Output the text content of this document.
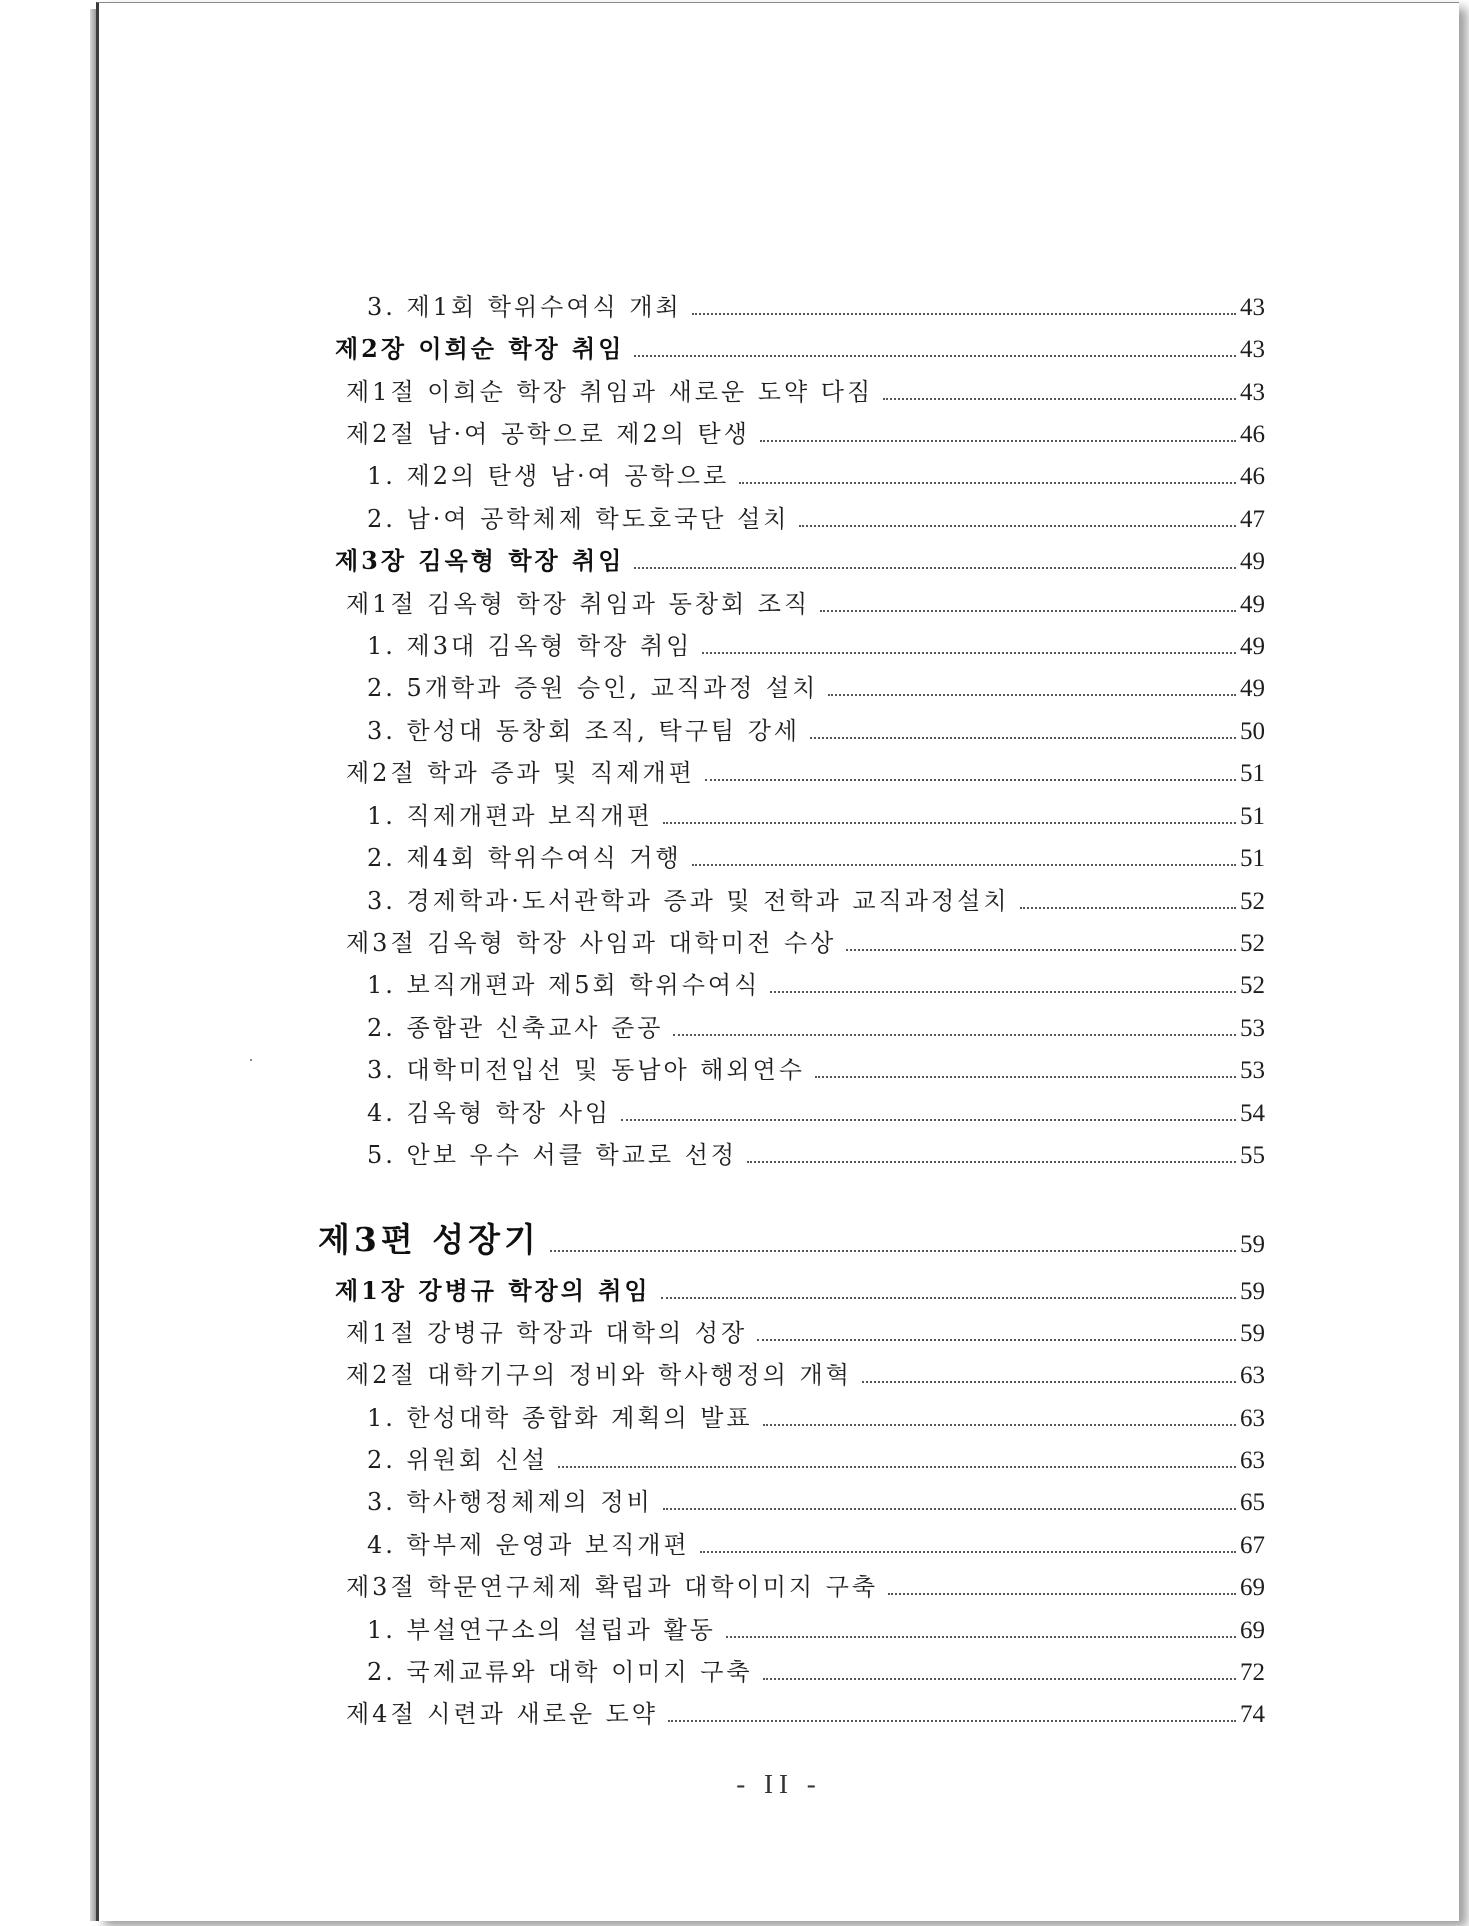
3. 제1회 학위수여식 개최	43
제2장 이희순 학장 취임	43
제1절 이희순 학장 취임과 새로운 도약 다짐	43
제2절 남·여 공학으로 제2의 탄생	46
1. 제2의 탄생 남·여 공학으로	46
2. 남·여 공학체제 학도호국단 설치	47
제3장 김옥형 학장 취임	49
제1절 김옥형 학장 취임과 동창회 조직	49
1. 제3대 김옥형 학장 취임	49
2. 5개학과 증원 승인, 교직과정 설치	49
3. 한성대 동창회 조직, 탁구팀 강세	50
제2절 학과 증과 및 직제개편	51
1. 직제개편과 보직개편	51
2. 제4회 학위수여식 거행	51
3. 경제학과·도서관학과 증과 및 전학과 교직과정설치	52
제3절 김옥형 학장 사임과 대학미전 수상	52
1. 보직개편과 제5회 학위수여식	52
2. 종합관 신축교사 준공	53
3. 대학미전입선 및 동남아 해외연수	53
4. 김옥형 학장 사임	54
5. 안보 우수 서클 학교로 선정	55
제3편 성장기	59
제1장 강병규 학장의 취임	59
제1절 강병규 학장과 대학의 성장	59
제2절 대학기구의 정비와 학사행정의 개혁	63
1. 한성대학 종합화 계획의 발표	63
2. 위원회 신설	63
3. 학사행정체제의 정비	65
4. 학부제 운영과 보직개편	67
제3절 학문연구체제 확립과 대학이미지 구축	69
1. 부설연구소의 설립과 활동	69
2. 국제교류와 대학 이미지 구축	72
제4절 시련과 새로운 도약	74
- II -
